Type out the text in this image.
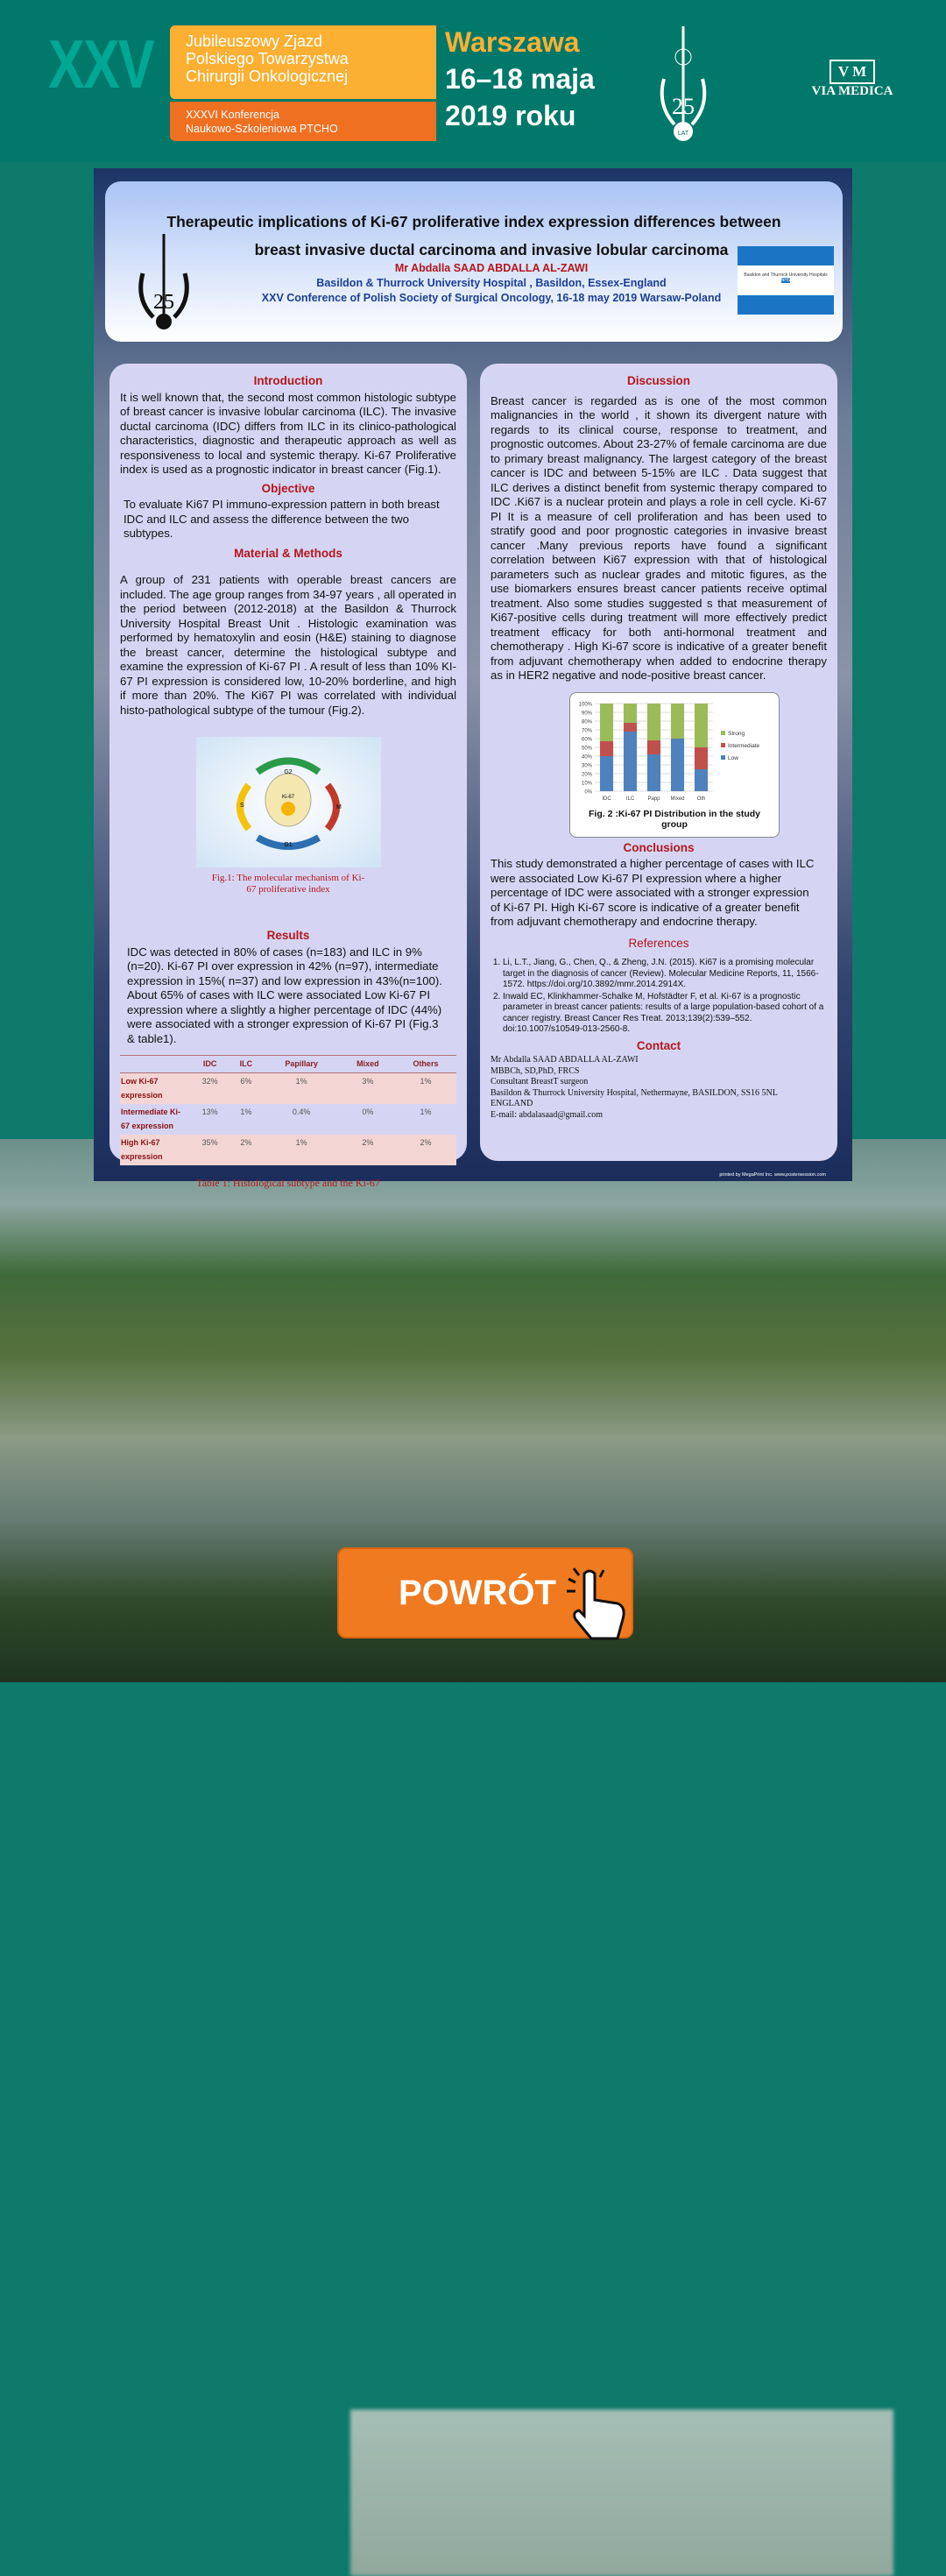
XXV Jubileuszowy Zjazd
Polskiego Towarzystwa
Chirurgii Onkologicznej
XXXVI Konferencja
Naukowo-Szkoleniowa PTCHO
Warszawa
16–18 maja
2019 roku	25
LAT
V M
VIA MEDICA
Therapeutic implications of Ki-67 proliferative index expression differences between
breast invasive ductal carcinoma and invasive lobular carcinoma
Mr Abdalla SAAD ABDALLA AL-ZAWI
Basildon & Thurrock University Hospital , Basildon, Essex-England
XXV Conference of Polish Society of Surgical Oncology, 16-18 may 2019 Warsaw-Poland
25
Basildon and Thurrock University Hospitals NHS
Introduction
It is well known that, the second most common histologic subtype of breast cancer is invasive lobular carcinoma (ILC). The invasive ductal carcinoma (IDC) differs from ILC in its clinico-pathological characteristics, diagnostic and therapeutic approach as well as responsiveness to local and systemic therapy. Ki-67 Proliferative index is used as a prognostic indicator in breast cancer (Fig.1).
Objective
To evaluate Ki67 PI immuno-expression pattern in both breast IDC and ILC and assess the difference between the two subtypes.
Material & Methods
A group of 231 patients with operable breast cancers are included. The age group ranges from 34-97 years , all operated in the period between (2012-2018) at the Basildon & Thurrock University Hospital Breast Unit . Histologic examination was performed by hematoxylin and eosin (H&E) staining to diagnose the breast cancer, determine the histological subtype and examine the expression of Ki-67 PI . A result of less than 10% KI-67 PI expression is considered low, 10-20% borderline, and high if more than 20%. The Ki67 PI was correlated with individual histo-pathological subtype of the tumour (Fig.2).
G2
Ki-67
S	M
G1
Fig.1: The molecular mechanism of Ki-67 proliferative index
Results
IDC was detected in 80% of cases (n=183) and ILC in 9% (n=20). Ki-67 PI over expression in 42% (n=97), intermediate expression in 15%( n=37) and low expression in 43%(n=100). About 65% of cases with ILC were associated Low Ki-67 PI expression where a slightly a higher percentage of IDC (44%) were associated with a stronger expression of Ki-67 PI (Fig.3 & table1).
	IDC	ILC	Papillary	Mixed	Others
Low Ki-67 expression	32%	6%	1%	3%	1%
Intermediate Ki-67 expression	13%	1%	0.4%	0%	1%
High Ki-67 expression	35%	2%	1%	2%	2%
Table 1: Histological subtype and the Ki-67
Discussion
Breast cancer is regarded as is one of the most common malignancies in the world , it shown its divergent nature with regards to its clinical course, response to treatment, and prognostic outcomes. About 23-27% of female carcinoma are due to primary breast malignancy. The largest category of the breast cancer is IDC and between 5-15% are ILC . Data suggest that ILC derives a distinct benefit from systemic therapy compared to IDC .Ki67 is a nuclear protein and plays a role in cell cycle. Ki-67 PI It is a measure of cell proliferation and has been used to stratify good and poor prognostic categories in invasive breast cancer .Many previous reports have found a significant correlation between Ki67 expression with that of histological parameters such as nuclear grades and mitotic figures, as the use biomarkers ensures breast cancer patients receive optimal treatment. Also some studies suggested s that measurement of Ki67-positive cells during treatment will more effectively predict treatment efficacy for both anti-hormonal treatment and chemotherapy . High Ki-67 score is indicative of a greater benefit from adjuvant chemotherapy when added to endocrine therapy as in HER2 negative and node-positive breast cancer.
0%
10%
20%
30%
40%
50%
60%
70%
80%
90%
100%
IDC	ILC	Papp Mixed Oth
Strong
Intermediate
Low
Fig. 2 :Ki-67 PI Distribution in the study group
Conclusions
This study demonstrated a higher percentage of cases with ILC were associated Low Ki-67 PI expression where a higher percentage of IDC were associated with a stronger expression of Ki-67 PI. High Ki-67 score is indicative of a greater benefit from adjuvant chemotherapy and endocrine therapy.
References
1. Li, L.T., Jiang, G., Chen, Q., & Zheng, J.N. (2015). Ki67 is a promising molecular target in the diagnosis of cancer (Review). Molecular Medicine Reports, 11, 1566-1572. https://doi.org/10.3892/mmr.2014.2914X.
2. Inwald EC, Klinkhammer-Schalke M, Hofstädter F, et al. Ki-67 is a prognostic parameter in breast cancer patients: results of a large population-based cohort of a cancer registry. Breast Cancer Res Treat. 2013;139(2):539–552. doi:10.1007/s10549-013-2560-8.
Contact
Mr Abdalla SAAD ABDALLA AL-ZAWI
MBBCh, SD,PhD, FRCS
Consultant BreastT surgeon
Basildon & Thurrock University Hospital, Nethermayne, BASILDON, SS16 5NL
ENGLAND
E-mail: abdalasaad@gmail.com
printed by MegaPrint Inc. www.postersession.com
POWRÓT
